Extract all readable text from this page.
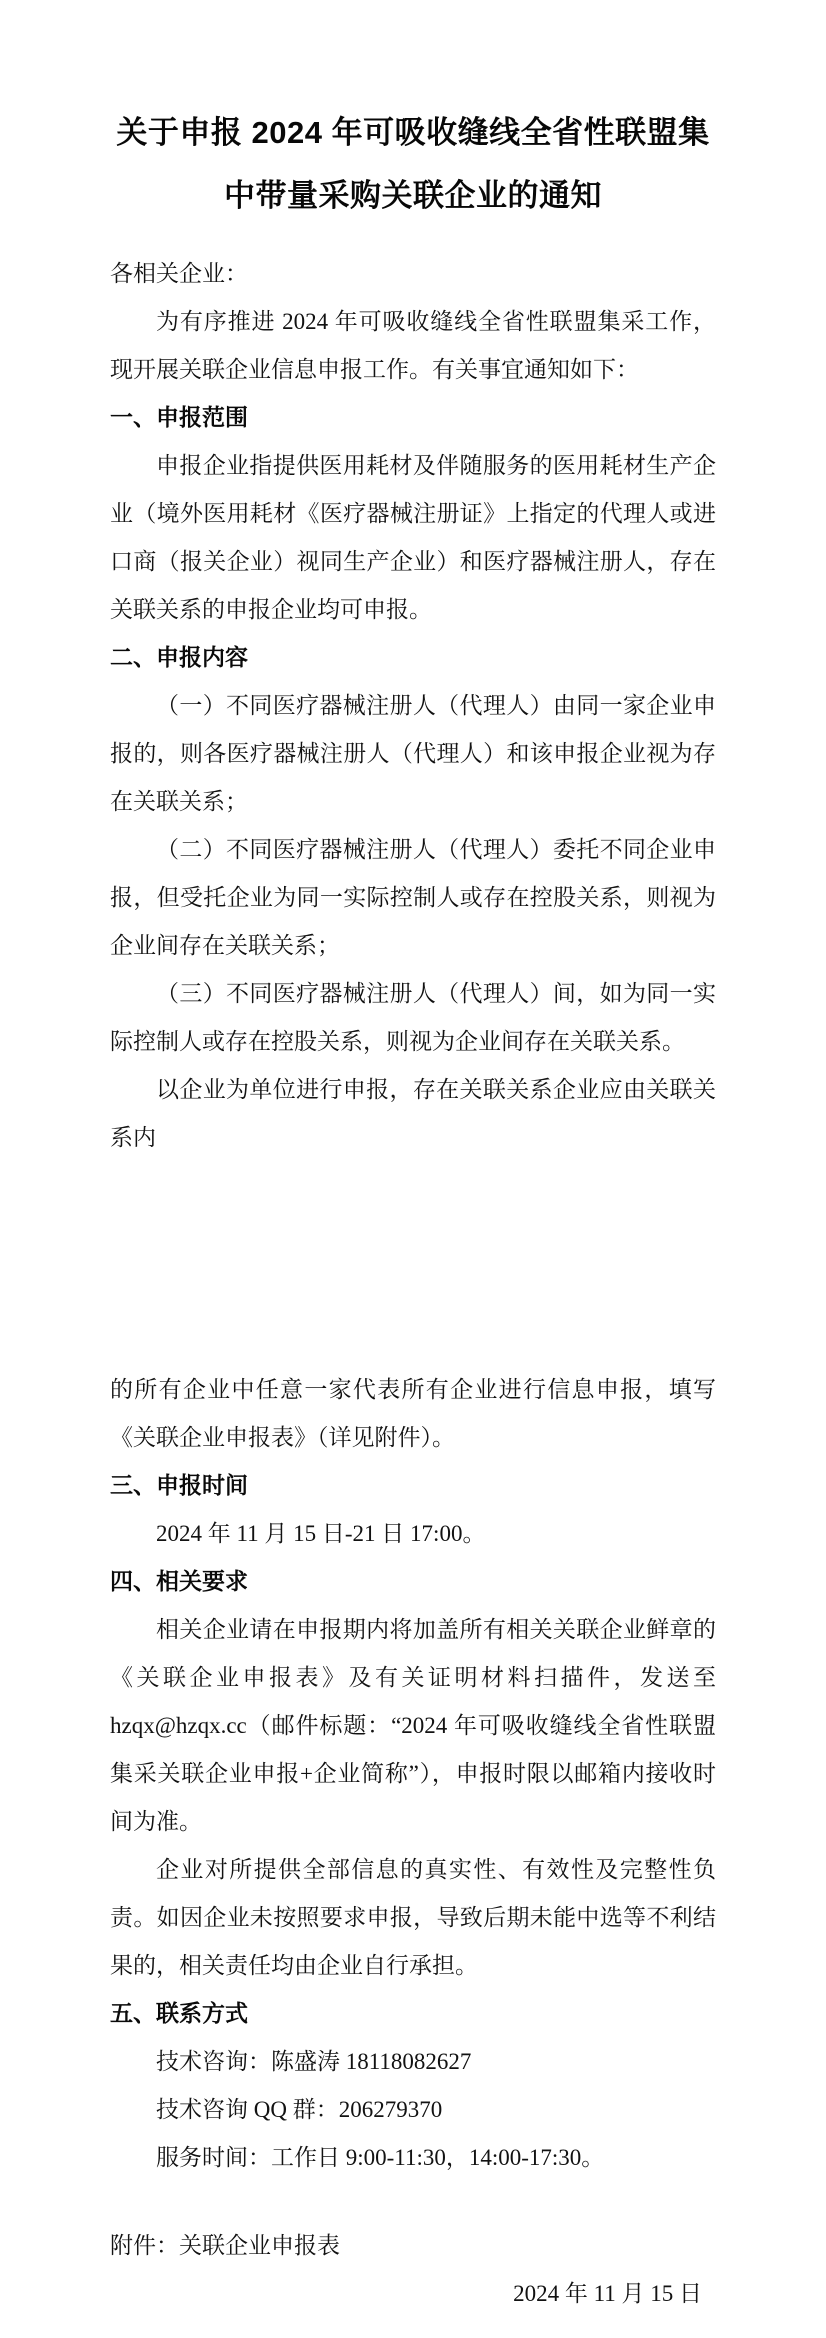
关于申报 2024 年可吸收缝线全省性联盟集
中带量采购关联企业的通知

各相关企业：

为有序推进 2024 年可吸收缝线全省性联盟集采工作，现开展关联企业信息申报工作。有关事宜通知如下：

一、申报范围

申报企业指提供医用耗材及伴随服务的医用耗材生产企业（境外医用耗材《医疗器械注册证》上指定的代理人或进口商（报关企业）视同生产企业）和医疗器械注册人，存在关联关系的申报企业均可申报。

二、申报内容

（一）不同医疗器械注册人（代理人）由同一家企业申报的，则各医疗器械注册人（代理人）和该申报企业视为存在关联关系；

（二）不同医疗器械注册人（代理人）委托不同企业申报，但受托企业为同一实际控制人或存在控股关系，则视为企业间存在关联关系；

（三）不同医疗器械注册人（代理人）间，如为同一实际控制人或存在控股关系，则视为企业间存在关联关系。

以企业为单位进行申报，存在关联关系企业应由关联关系内

的所有企业中任意一家代表所有企业进行信息申报，填写《关联企业申报表》（详见附件）。

三、申报时间

2024 年 11 月 15 日-21 日 17:00。

四、相关要求

相关企业请在申报期内将加盖所有相关关联企业鲜章的《关联企业申报表》及有关证明材料扫描件，发送至 hzqx@hzqx.cc（邮件标题：“2024 年可吸收缝线全省性联盟集采关联企业申报+企业简称”），申报时限以邮箱内接收时间为准。

企业对所提供全部信息的真实性、有效性及完整性负责。如因企业未按照要求申报，导致后期未能中选等不利结果的，相关责任均由企业自行承担。

五、联系方式

技术咨询：陈盛涛 18118082627

技术咨询 QQ 群：206279370

服务时间：工作日 9:00-11:30，14:00-17:30。

附件：关联企业申报表

2024 年 11 月 15 日
